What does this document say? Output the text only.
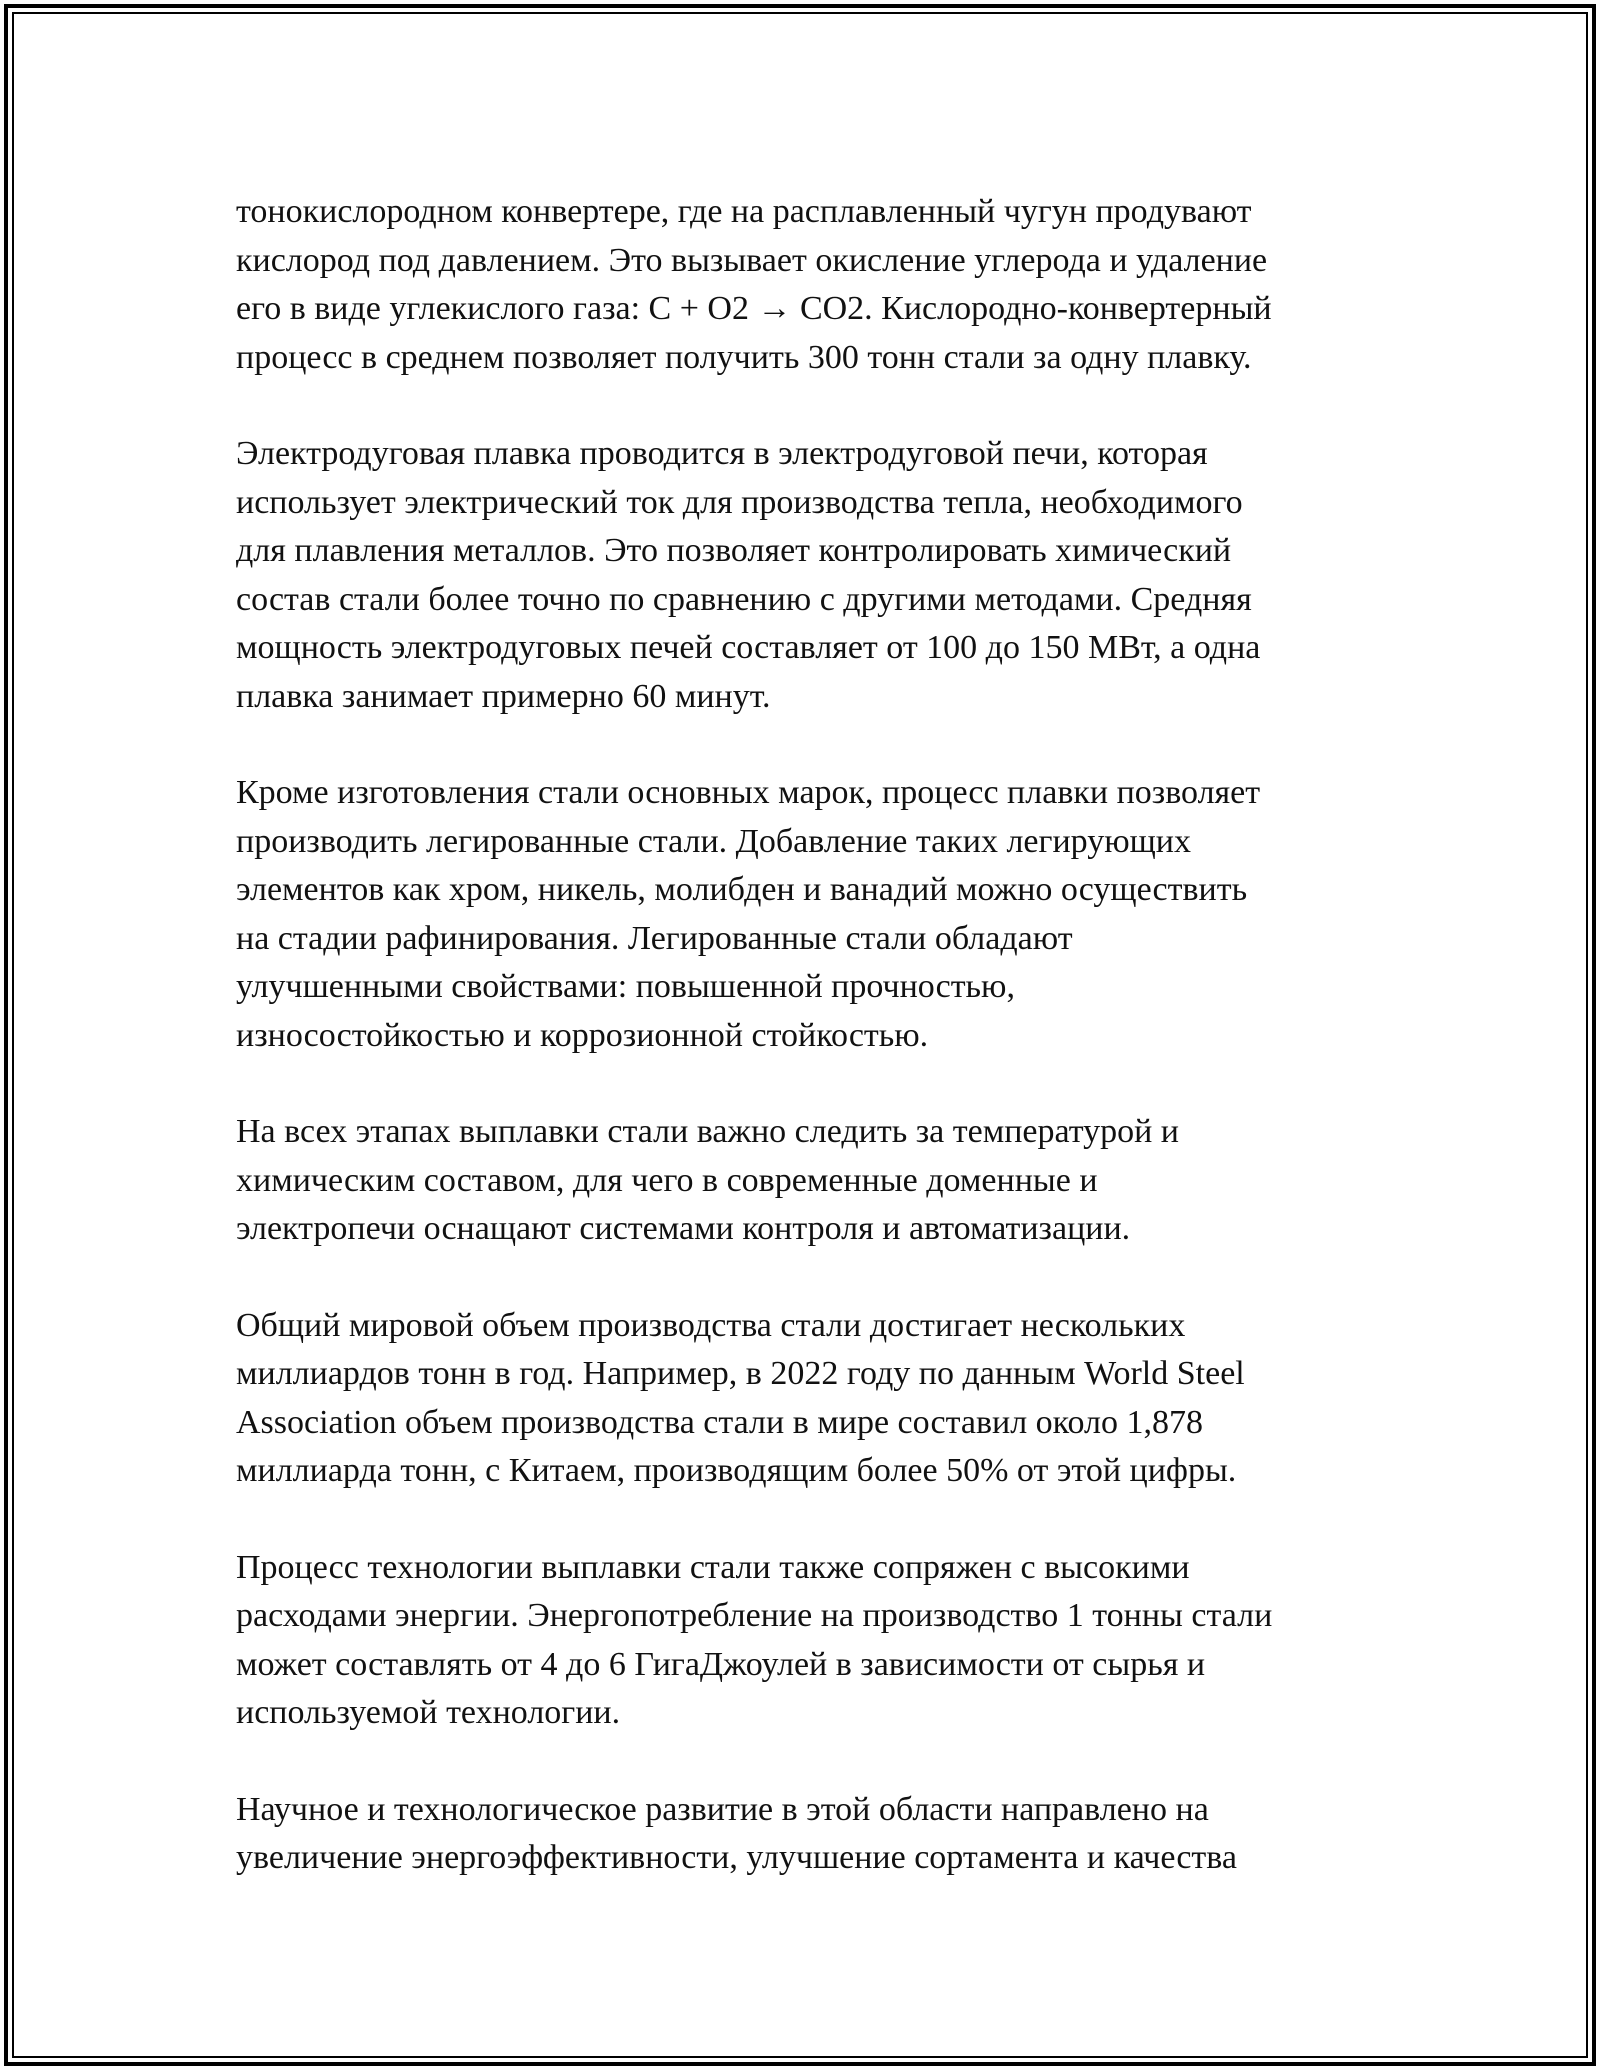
тонокислородном конвертере, где на расплавленный чугун продувают
кислород под давлением. Это вызывает окисление углерода и удаление
его в виде углекислого газа: C + O2 → CO2. Кислородно-конвертерный
процесс в среднем позволяет получить 300 тонн стали за одну плавку.

Электродуговая плавка проводится в электродуговой печи, которая
использует электрический ток для производства тепла, необходимого
для плавления металлов. Это позволяет контролировать химический
состав стали более точно по сравнению с другими методами. Средняя
мощность электродуговых печей составляет от 100 до 150 МВт, а одна
плавка занимает примерно 60 минут.

Кроме изготовления стали основных марок, процесс плавки позволяет
производить легированные стали. Добавление таких легирующих
элементов как хром, никель, молибден и ванадий можно осуществить
на стадии рафинирования. Легированные стали обладают
улучшенными свойствами: повышенной прочностью,
износостойкостью и коррозионной стойкостью.

На всех этапах выплавки стали важно следить за температурой и
химическим составом, для чего в современные доменные и
электропечи оснащают системами контроля и автоматизации.

Общий мировой объем производства стали достигает нескольких
миллиардов тонн в год. Например, в 2022 году по данным World Steel
Association объем производства стали в мире составил около 1,878
миллиарда тонн, с Китаем, производящим более 50% от этой цифры.

Процесс технологии выплавки стали также сопряжен с высокими
расходами энергии. Энергопотребление на производство 1 тонны стали
может составлять от 4 до 6 ГигаДжоулей в зависимости от сырья и
используемой технологии.

Научное и технологическое развитие в этой области направлено на
увеличение энергоэффективности, улучшение сортамента и качества
